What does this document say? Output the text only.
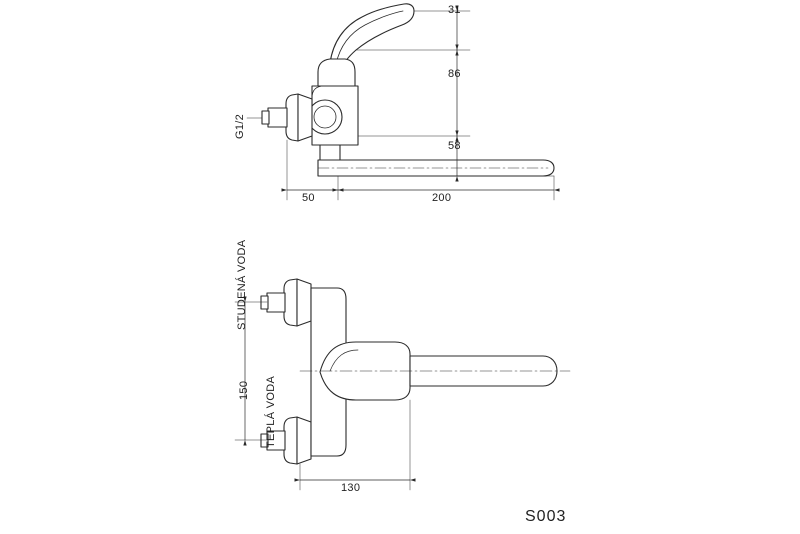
31
86
58
50	200
G1/2
150
130
STUDENÁ VODA
TEPLÁ VODA
S003
